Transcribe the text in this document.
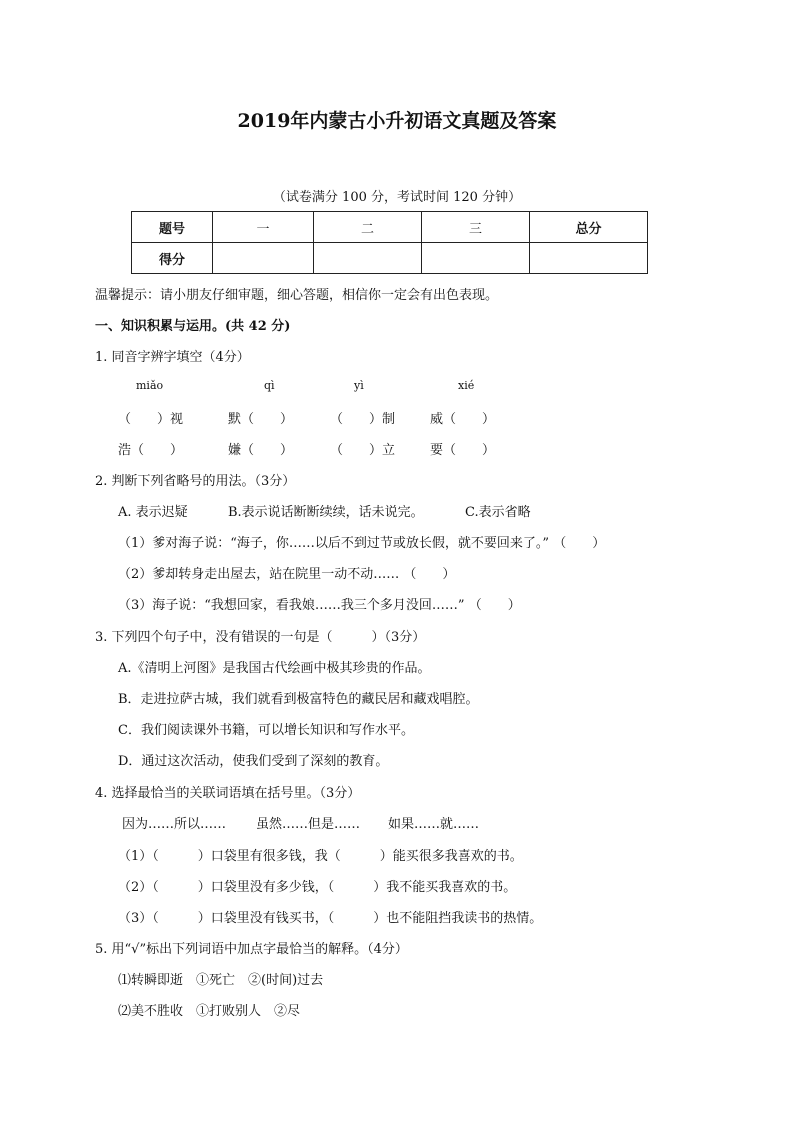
2019年内蒙古小升初语文真题及答案
（试卷满分 100 分，考试时间 120 分钟）
题号	一	二	三	总分
得分				
温馨提示：请小朋友仔细审题，细心答题，相信你一定会有出色表现。
一、知识积累与运用。(共 42 分)
1. 同音字辨字填空（4分）
miǎo	qì	yì	xié
（　　）视	默（　　）	（　　）制	威（　　）
浩（　　）	嫌（　　）	（　　）立	要（　　）
2. 判断下列省略号的用法。（3分）
A. 表示迟疑	B.表示说话断断续续，话未说完。	C.表示省略
（1）爹对海子说：“海子，你……以后不到过节或放长假，就不要回来了。” （　　）
（2）爹却转身走出屋去，站在院里一动不动…… （　　）
（3）海子说：“我想回家，看我娘……我三个多月没回……” （　　）
3. 下列四个句子中，没有错误的一句是（　　　）（3分）
A.《清明上河图》是我国古代绘画中极其珍贵的作品。
B．走进拉萨古城，我们就看到极富特色的藏民居和藏戏唱腔。
C．我们阅读课外书籍，可以增长知识和写作水平。
D．通过这次活动，使我们受到了深刻的教育。
4. 选择最恰当的关联词语填在括号里。（3分）
因为……所以…… 虽然……但是…… 如果……就……
（1）（　　　）口袋里有很多钱，我（　　　）能买很多我喜欢的书。
（2）（　　　）口袋里没有多少钱，（　　　）我不能买我喜欢的书。
（3）（　　　）口袋里没有钱买书，（　　　）也不能阻挡我读书的热情。
5. 用“√”标出下列词语中加点字最恰当的解释。（4分）
⑴转瞬即逝　①死亡　②(时间)过去
⑵美不胜收　①打败别人　②尽
